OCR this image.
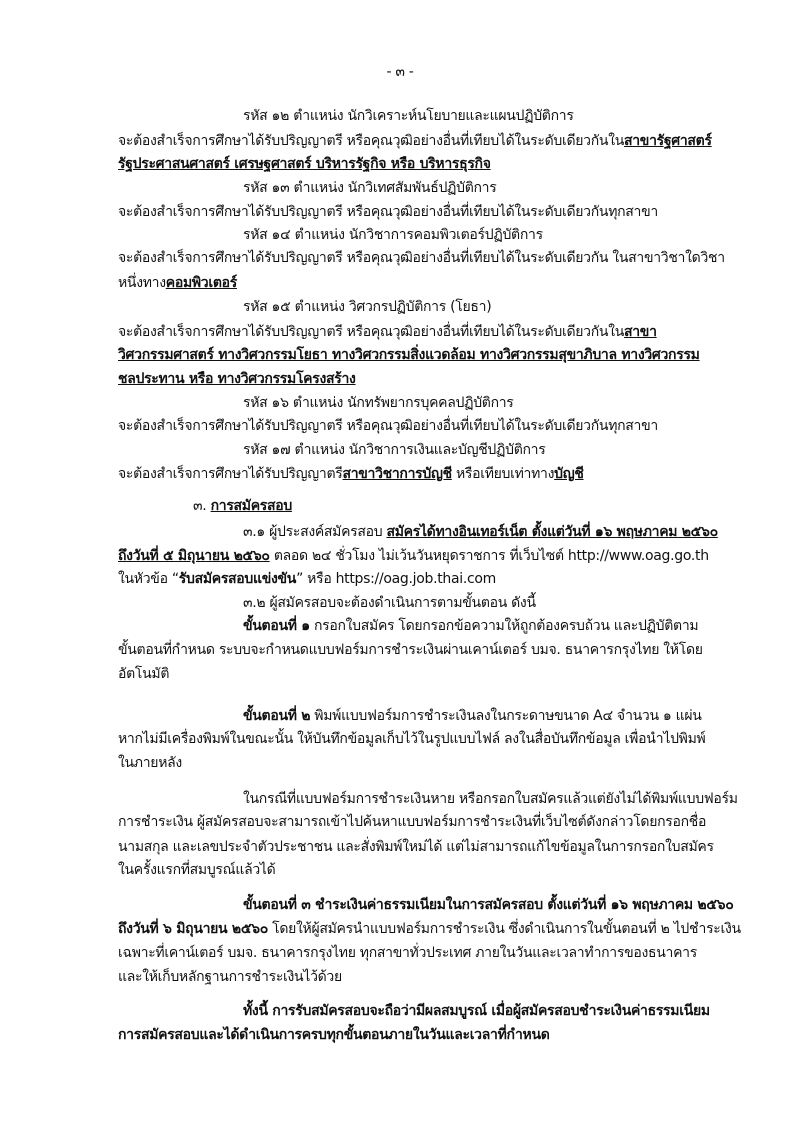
- ๓ -
รหัส ๑๒ ตำแหน่ง นักวิเคราะห์นโยบายและแผนปฏิบัติการ
จะต้องสำเร็จการศึกษาได้รับปริญญาตรี หรือคุณวุฒิอย่างอื่นที่เทียบได้ในระดับเดียวกันในสาขารัฐศาสตร์
รัฐประศาสนศาสตร์ เศรษฐศาสตร์ บริหารรัฐกิจ หรือ บริหารธุรกิจ
รหัส ๑๓ ตำแหน่ง นักวิเทศสัมพันธ์ปฏิบัติการ
จะต้องสำเร็จการศึกษาได้รับปริญญาตรี หรือคุณวุฒิอย่างอื่นที่เทียบได้ในระดับเดียวกันทุกสาขา
รหัส ๑๔ ตำแหน่ง นักวิชาการคอมพิวเตอร์ปฏิบัติการ
จะต้องสำเร็จการศึกษาได้รับปริญญาตรี หรือคุณวุฒิอย่างอื่นที่เทียบได้ในระดับเดียวกัน ในสาขาวิชาใดวิชา
หนึ่งทางคอมพิวเตอร์
รหัส ๑๕ ตำแหน่ง วิศวกรปฏิบัติการ (โยธา)
จะต้องสำเร็จการศึกษาได้รับปริญญาตรี หรือคุณวุฒิอย่างอื่นที่เทียบได้ในระดับเดียวกันในสาขา
วิศวกรรมศาสตร์ ทางวิศวกรรมโยธา ทางวิศวกรรมสิ่งแวดล้อม ทางวิศวกรรมสุขาภิบาล ทางวิศวกรรม
ชลประทาน หรือ ทางวิศวกรรมโครงสร้าง
รหัส ๑๖ ตำแหน่ง นักทรัพยากรบุคคลปฏิบัติการ
จะต้องสำเร็จการศึกษาได้รับปริญญาตรี หรือคุณวุฒิอย่างอื่นที่เทียบได้ในระดับเดียวกันทุกสาขา
รหัส ๑๗ ตำแหน่ง นักวิชาการเงินและบัญชีปฏิบัติการ
จะต้องสำเร็จการศึกษาได้รับปริญญาตรีสาขาวิชาการบัญชี หรือเทียบเท่าทางบัญชี
๓. การสมัครสอบ
๓.๑ ผู้ประสงค์สมัครสอบ สมัครได้ทางอินเทอร์เน็ต ตั้งแต่วันที่ ๑๖ พฤษภาคม ๒๕๖๐
ถึงวันที่ ๕ มิถุนายน ๒๕๖๐ ตลอด ๒๔ ชั่วโมง ไม่เว้นวันหยุดราชการ ที่เว็บไซต์ http://www.oag.go.th
ในหัวข้อ “รับสมัครสอบแข่งขัน” หรือ https://oag.job.thai.com
๓.๒ ผู้สมัครสอบจะต้องดำเนินการตามขั้นตอน ดังนี้
ขั้นตอนที่ ๑ กรอกใบสมัคร โดยกรอกข้อความให้ถูกต้องครบถ้วน และปฏิบัติตาม
ขั้นตอนที่กำหนด ระบบจะกำหนดแบบฟอร์มการชำระเงินผ่านเคาน์เตอร์ บมจ. ธนาคารกรุงไทย ให้โดย
อัตโนมัติ
ขั้นตอนที่ ๒ พิมพ์แบบฟอร์มการชำระเงินลงในกระดาษขนาด A๔ จำนวน ๑ แผ่น
หากไม่มีเครื่องพิมพ์ในขณะนั้น ให้บันทึกข้อมูลเก็บไว้ในรูปแบบไฟล์ ลงในสื่อบันทึกข้อมูล เพื่อนำไปพิมพ์
ในภายหลัง
ในกรณีที่แบบฟอร์มการชำระเงินหาย หรือกรอกใบสมัครแล้วแต่ยังไม่ได้พิมพ์แบบฟอร์ม
การชำระเงิน ผู้สมัครสอบจะสามารถเข้าไปค้นหาแบบฟอร์มการชำระเงินที่เว็บไซต์ดังกล่าวโดยกรอกชื่อ
นามสกุล และเลขประจำตัวประชาชน และสั่งพิมพ์ใหม่ได้ แต่ไม่สามารถแก้ไขข้อมูลในการกรอกใบสมัคร
ในครั้งแรกที่สมบูรณ์แล้วได้
ขั้นตอนที่ ๓ ชำระเงินค่าธรรมเนียมในการสมัครสอบ ตั้งแต่วันที่ ๑๖ พฤษภาคม ๒๕๖๐
ถึงวันที่ ๖ มิถุนายน ๒๕๖๐ โดยให้ผู้สมัครนำแบบฟอร์มการชำระเงิน ซึ่งดำเนินการในขั้นตอนที่ ๒ ไปชำระเงิน
เฉพาะที่เคาน์เตอร์ บมจ. ธนาคารกรุงไทย ทุกสาขาทั่วประเทศ ภายในวันและเวลาทำการของธนาคาร
และให้เก็บหลักฐานการชำระเงินไว้ด้วย
ทั้งนี้ การรับสมัครสอบจะถือว่ามีผลสมบูรณ์ เมื่อผู้สมัครสอบชำระเงินค่าธรรมเนียม
การสมัครสอบและได้ดำเนินการครบทุกขั้นตอนภายในวันและเวลาที่กำหนด
